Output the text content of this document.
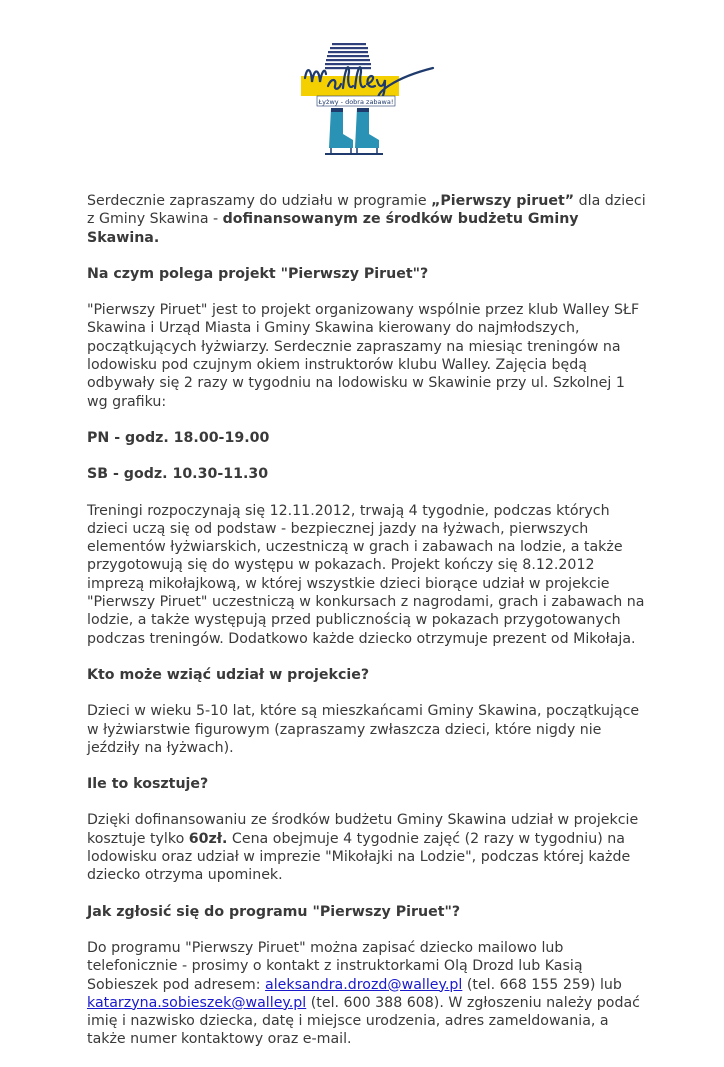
Łyżwy - dobra zabawa!

Serdecznie zapraszamy do udziału w programie „Pierwszy piruet” dla dzieci z Gminy Skawina - dofinansowanym ze środków budżetu Gminy Skawina.

Na czym polega projekt "Pierwszy Piruet"?

"Pierwszy Piruet" jest to projekt organizowany wspólnie przez klub Walley SŁF Skawina i Urząd Miasta i Gminy Skawina kierowany do najmłodszych, początkujących łyżwiarzy. Serdecznie zapraszamy na miesiąc treningów na lodowisku pod czujnym okiem instruktorów klubu Walley. Zajęcia będą odbywały się 2 razy w tygodniu na lodowisku w Skawinie przy ul. Szkolnej 1 wg grafiku:

PN - godz. 18.00-19.00

SB - godz. 10.30-11.30

Treningi rozpoczynają się 12.11.2012, trwają 4 tygodnie, podczas których dzieci uczą się od podstaw - bezpiecznej jazdy na łyżwach, pierwszych elementów łyżwiarskich, uczestniczą w grach i zabawach na lodzie, a także przygotowują się do występu w pokazach. Projekt kończy się 8.12.2012 imprezą mikołajkową, w której wszystkie dzieci biorące udział w projekcie "Pierwszy Piruet" uczestniczą w konkursach z nagrodami, grach i zabawach na lodzie, a także występują przed publicznością w pokazach przygotowanych podczas treningów. Dodatkowo każde dziecko otrzymuje prezent od Mikołaja.

Kto może wziąć udział w projekcie?

Dzieci w wieku 5-10 lat, które są mieszkańcami Gminy Skawina, początkujące w łyżwiarstwie figurowym (zapraszamy zwłaszcza dzieci, które nigdy nie jeździły na łyżwach).

Ile to kosztuje?

Dzięki dofinansowaniu ze środków budżetu Gminy Skawina udział w projekcie kosztuje tylko 60zł. Cena obejmuje 4 tygodnie zajęć (2 razy w tygodniu) na lodowisku oraz udział w imprezie "Mikołajki na Lodzie", podczas której każde dziecko otrzyma upominek.

Jak zgłosić się do programu "Pierwszy Piruet"?

Do programu "Pierwszy Piruet" można zapisać dziecko mailowo lub telefonicznie - prosimy o kontakt z instruktorkami Olą Drozd lub Kasią Sobieszek pod adresem: aleksandra.drozd@walley.pl (tel. 668 155 259) lub katarzyna.sobieszek@walley.pl (tel. 600 388 608). W zgłoszeniu należy podać imię i nazwisko dziecka, datę i miejsce urodzenia, adres zameldowania, a także numer kontaktowy oraz e-mail.
